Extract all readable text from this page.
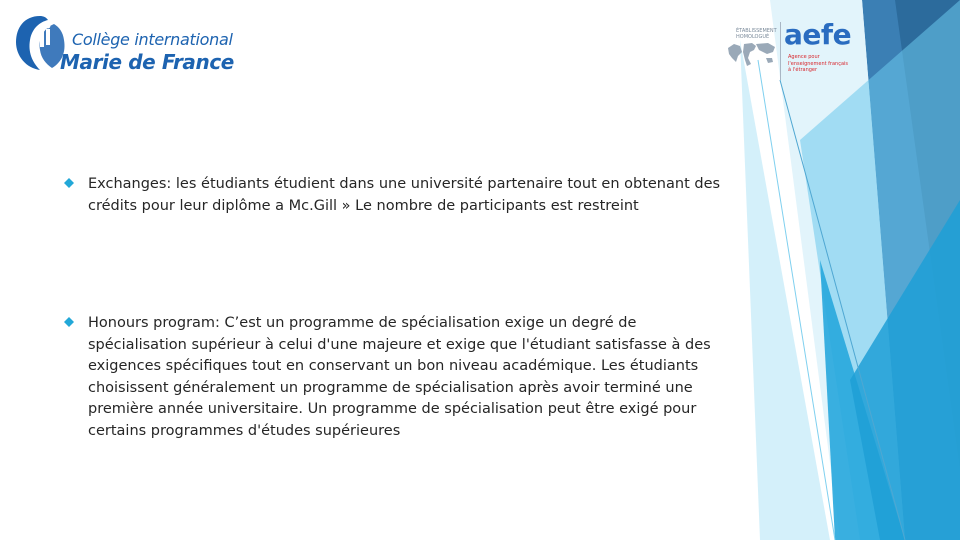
Collège international
Marie de France
ÉTABLISSEMENT
HOMOLOGUÉ aefe
Agence pour
l'enseignement français
à l'étranger
Exchanges: les étudiants étudient dans une université partenaire tout en obtenant des crédits pour leur diplôme a Mc.Gill » Le nombre de participants est restreint
Honours program: C’est un programme de spécialisation exige un degré de spécialisation supérieur à celui d'une majeure et exige que l'étudiant satisfasse à des exigences spécifiques tout en conservant un bon niveau académique. Les étudiants choisissent généralement un programme de spécialisation après avoir terminé une première année universitaire. Un programme de spécialisation peut être exigé pour certains programmes d'études supérieures
